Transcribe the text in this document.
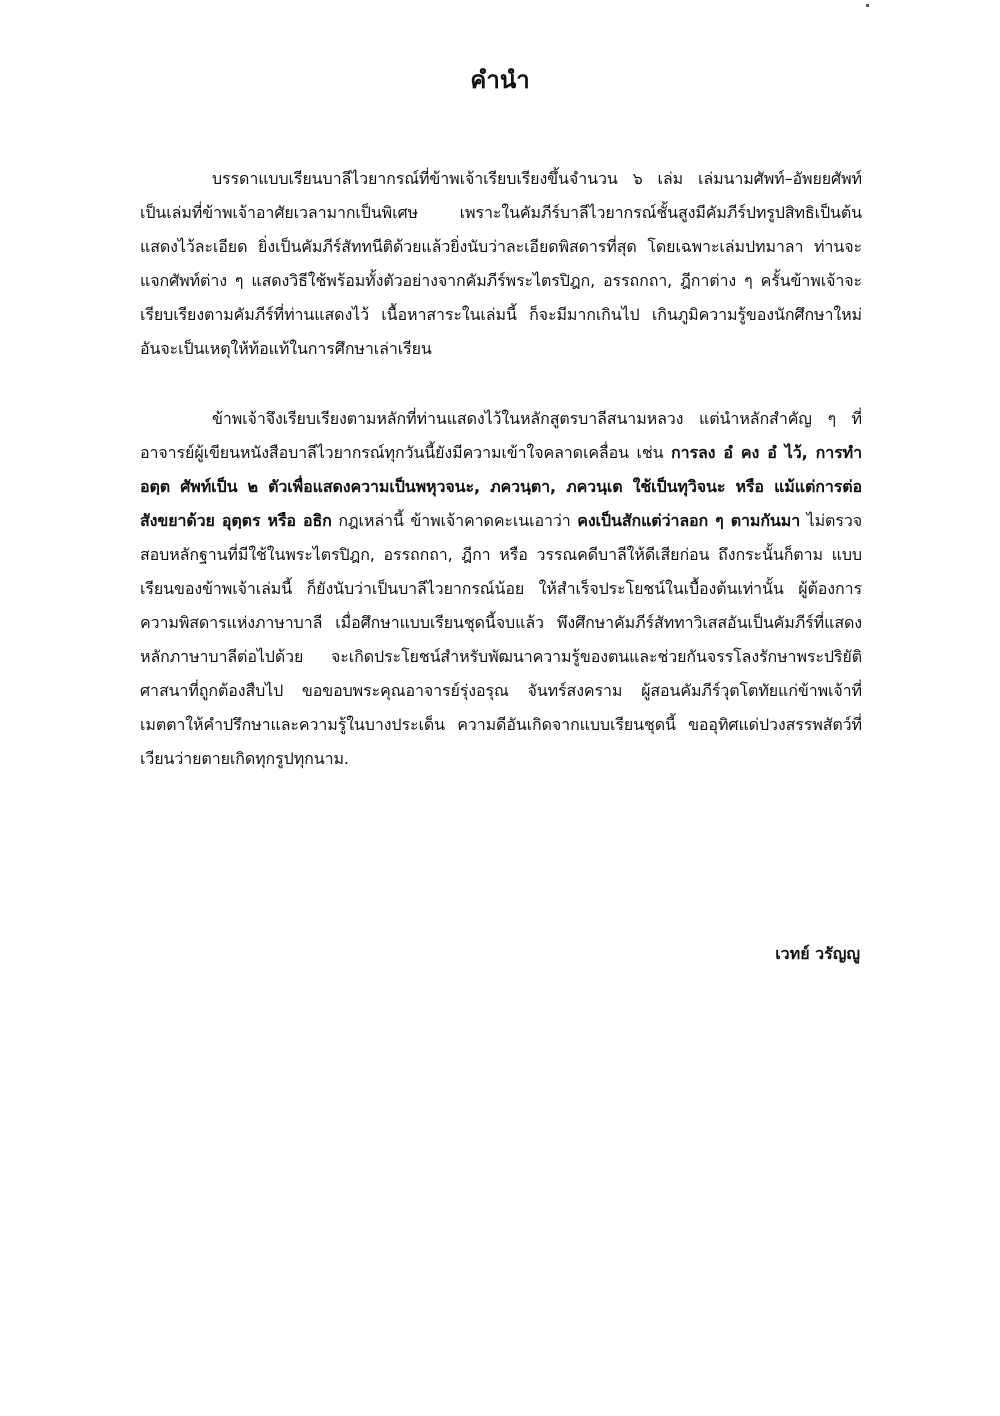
คำนำ

บรรดาแบบเรียนบาลีไวยากรณ์ที่ข้าพเจ้าเรียบเรียงขึ้นจำนวน ๖ เล่ม เล่มนามศัพท์–อัพยยศัพท์ เป็นเล่มที่ข้าพเจ้าอาศัยเวลามากเป็นพิเศษ เพราะในคัมภีร์บาลีไวยากรณ์ชั้นสูงมีคัมภีร์ปทรูปสิทธิเป็นต้น แสดงไว้ละเอียด ยิ่งเป็นคัมภีร์สัททนีติด้วยแล้วยิ่งนับว่าละเอียดพิสดารที่สุด โดยเฉพาะเล่มปทมาลา ท่านจะแจกศัพท์ต่าง ๆ แสดงวิธีใช้พร้อมทั้งตัวอย่างจากคัมภีร์พระไตรปิฎก, อรรถกถา, ฎีกาต่าง ๆ ครั้นข้าพเจ้าจะเรียบเรียงตามคัมภีร์ที่ท่านแสดงไว้ เนื้อหาสาระในเล่มนี้ ก็จะมีมากเกินไป เกินภูมิความรู้ของนักศึกษาใหม่ อันจะเป็นเหตุให้ท้อแท้ในการศึกษาเล่าเรียน

ข้าพเจ้าจึงเรียบเรียงตามหลักที่ท่านแสดงไว้ในหลักสูตรบาลีสนามหลวง แต่นำหลักสำคัญ ๆ ที่อาจารย์ผู้เขียนหนังสือบาลีไวยากรณ์ทุกวันนี้ยังมีความเข้าใจคลาดเคลื่อน เช่น การลง อํ คง อํ ไว้, การทำ อตฺต ศัพท์เป็น ๒ ตัวเพื่อแสดงความเป็นพหุวจนะ, ภควนฺตา, ภควนฺเต ใช้เป็นทุวิจนะ หรือ แม้แต่การต่อสังขยาด้วย อุตฺตร หรือ อธิก กฎเหล่านี้ ข้าพเจ้าคาดคะเนเอาว่า คงเป็นสักแต่ว่าลอก ๆ ตามกันมา ไม่ตรวจสอบหลักฐานที่มีใช้ในพระไตรปิฎก, อรรถกถา, ฎีกา หรือ วรรณคดีบาลีให้ดีเสียก่อน ถึงกระนั้นก็ตาม แบบเรียนของข้าพเจ้าเล่มนี้ ก็ยังนับว่าเป็นบาลีไวยากรณ์น้อย ให้สำเร็จประโยชน์ในเบื้องต้นเท่านั้น ผู้ต้องการความพิสดารแห่งภาษาบาลี เมื่อศึกษาแบบเรียนชุดนี้จบแล้ว พึงศึกษาคัมภีร์สัททาวิเสสอันเป็นคัมภีร์ที่แสดงหลักภาษาบาลีต่อไปด้วย จะเกิดประโยชน์สำหรับพัฒนาความรู้ของตนและช่วยกันจรรโลงรักษาพระปริยัติศาสนาที่ถูกต้องสืบไป ขอขอบพระคุณอาจารย์รุ่งอรุณ จันทร์สงคราม ผู้สอนคัมภีร์วุตโตทัยแก่ข้าพเจ้าที่เมตตาให้คำปรึกษาและความรู้ในบางประเด็น ความดีอันเกิดจากแบบเรียนชุดนี้ ขออุทิศแด่ปวงสรรพสัตว์ที่เวียนว่ายตายเกิดทุกรูปทุกนาม.

เวทย์ วรัญญู
